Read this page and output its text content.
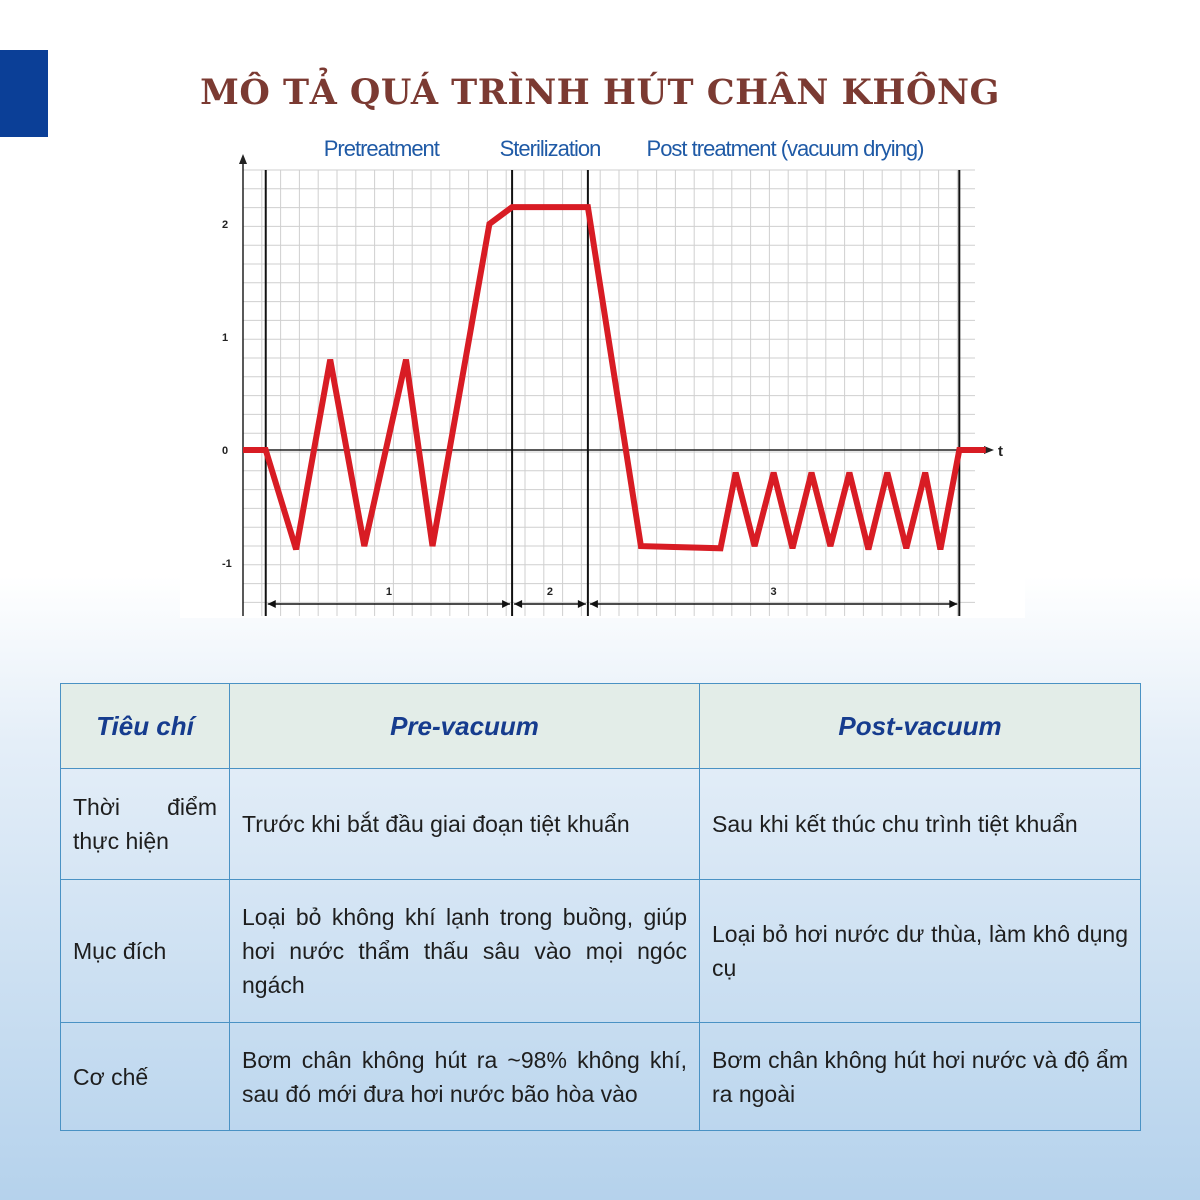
MÔ TẢ QUÁ TRÌNH HÚT CHÂN KHÔNG
t
2
1
0
-1
Pretreatment	Sterilization Post treatment (vacuum drying)
1	2	3
Tiêu chí	Pre-vacuum	Post-vacuum
Thời điểm thực hiện	Trước khi bắt đầu giai đoạn tiệt khuẩn	Sau khi kết thúc chu trình tiệt khuẩn
Mục đích	Loại bỏ không khí lạnh trong buồng, giúp hơi nước thẩm thấu sâu vào mọi ngóc ngách	Loại bỏ hơi nước dư thùa, làm khô dụng cụ
Cơ chế	Bơm chân không hút ra ~98% không khí, sau đó mới đưa hơi nước bão hòa vào	Bơm chân không hút hơi nước và độ ẩm ra ngoài
